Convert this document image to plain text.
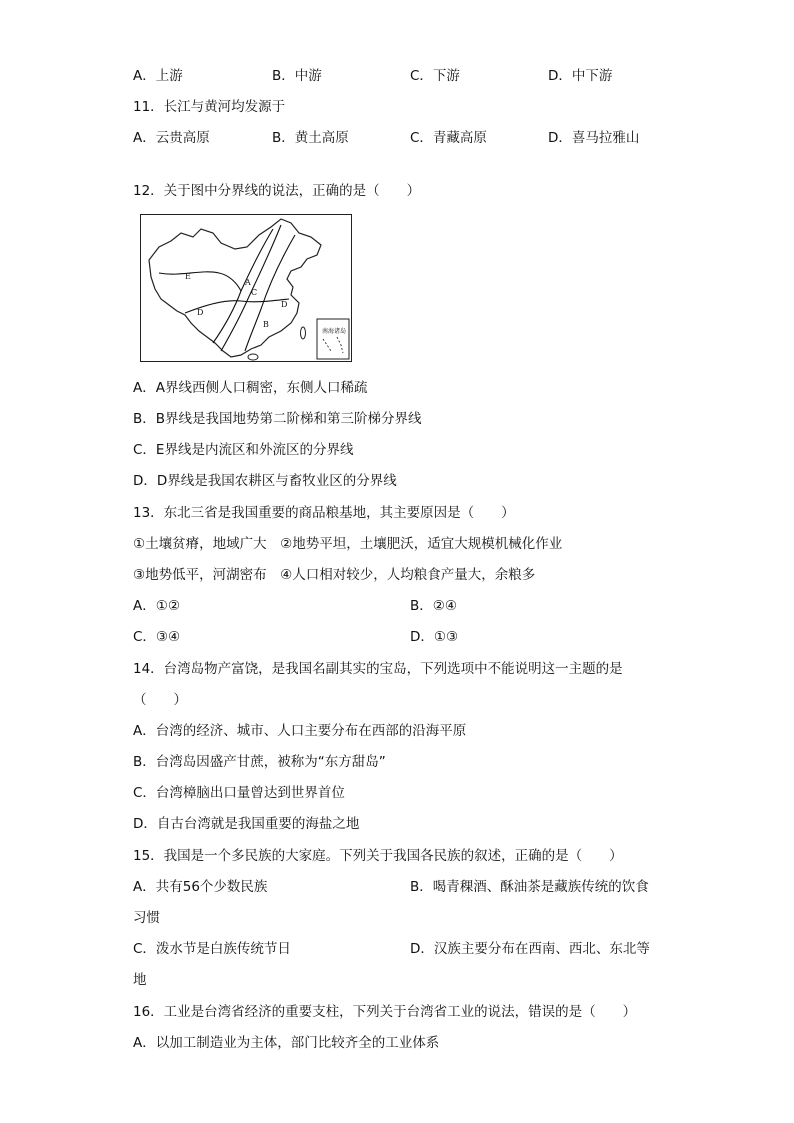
A．上游	B．中游	C．下游	D．中下游
11．长江与黄河均发源于
A．云贵高原	B．黄土高原	C．青藏高原	D．喜马拉雅山
12．关于图中分界线的说法，正确的是（　　）
E
A
C
D
D
B
南海诸岛
A．A界线西侧人口稠密，东侧人口稀疏
B．B界线是我国地势第二阶梯和第三阶梯分界线
C．E界线是内流区和外流区的分界线
D．D界线是我国农耕区与畜牧业区的分界线
13．东北三省是我国重要的商品粮基地，其主要原因是（　　）
①土壤贫瘠，地域广大　②地势平坦，土壤肥沃，适宜大规模机械化作业
③地势低平，河湖密布　④人口相对较少，人均粮食产量大，余粮多
A．①②	B．②④
C．③④	D．①③
14．台湾岛物产富饶，是我国名副其实的宝岛，下列选项中不能说明这一主题的是
（　　）
A．台湾的经济、城市、人口主要分布在西部的沿海平原
B．台湾岛因盛产甘蔗，被称为“东方甜岛”
C．台湾樟脑出口量曾达到世界首位
D．自古台湾就是我国重要的海盐之地
15．我国是一个多民族的大家庭。下列关于我国各民族的叙述，正确的是（　　）
A．共有56个少数民族	B．喝青稞酒、酥油茶是藏族传统的饮食
习惯
C．泼水节是白族传统节日	D．汉族主要分布在西南、西北、东北等
地
16．工业是台湾省经济的重要支柱，下列关于台湾省工业的说法，错误的是（　　）
A．以加工制造业为主体，部门比较齐全的工业体系
